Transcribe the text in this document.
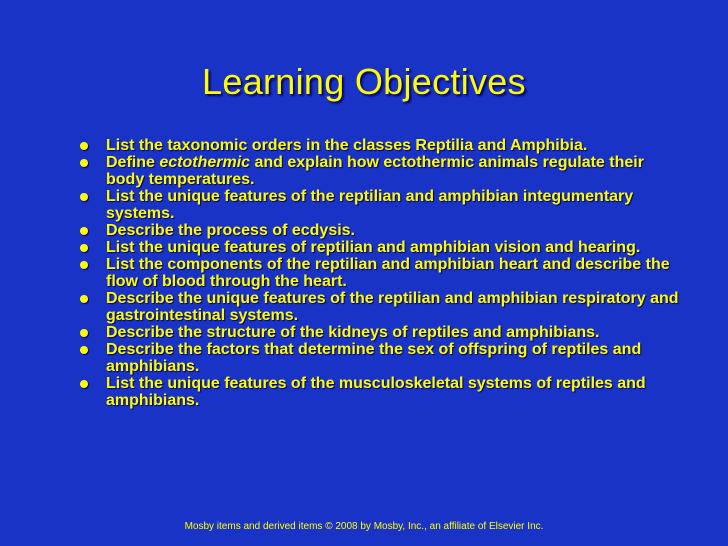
Learning Objectives
List the taxonomic orders in the classes Reptilia and Amphibia.
Define ectothermic and explain how ectothermic animals regulate their body temperatures.
List the unique features of the reptilian and amphibian integumentary systems.
Describe the process of ecdysis.
List the unique features of reptilian and amphibian vision and hearing.
List the components of the reptilian and amphibian heart and describe the flow of blood through the heart.
Describe the unique features of the reptilian and amphibian respiratory and gastrointestinal systems.
Describe the structure of the kidneys of reptiles and amphibians.
Describe the factors that determine the sex of offspring of reptiles and amphibians.
List the unique features of the musculoskeletal systems of reptiles and amphibians.
Mosby items and derived items © 2008 by Mosby, Inc., an affiliate of Elsevier Inc.
